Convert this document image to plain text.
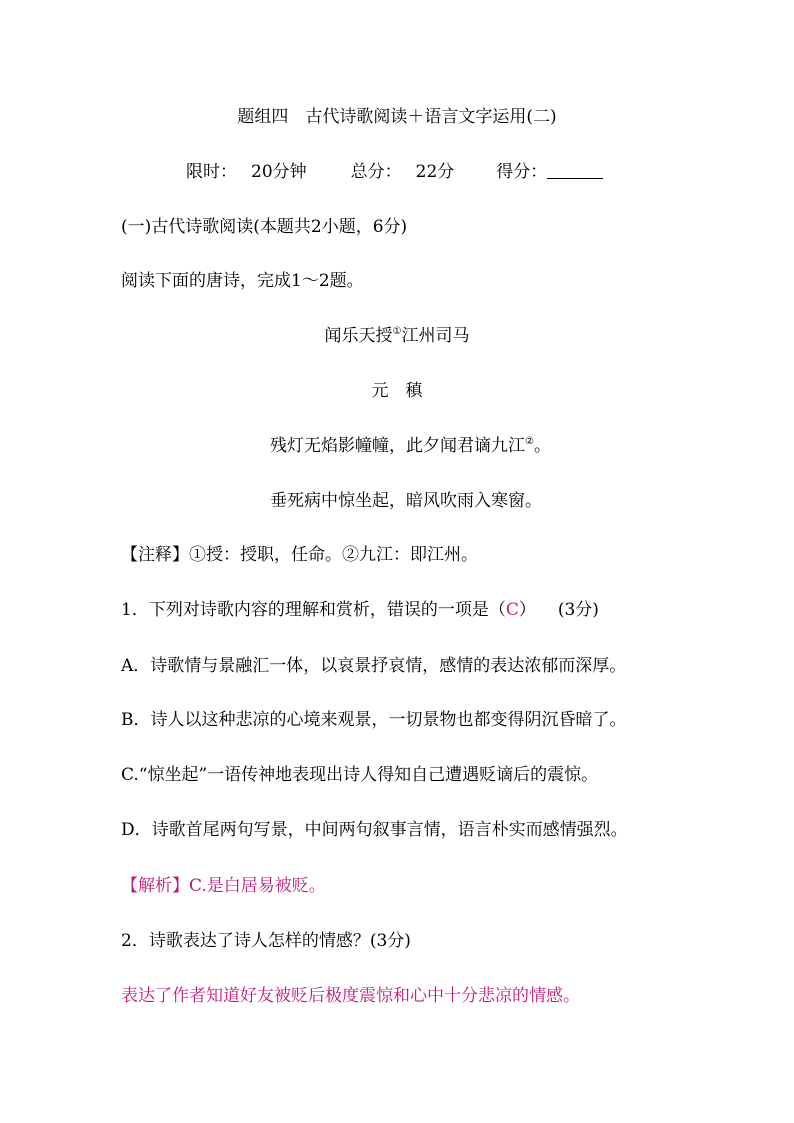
题组四　古代诗歌阅读＋语言文字运用(二)
限时： 20分钟	总分： 22分 得分：
(一)古代诗歌阅读(本题共2小题，6分)
阅读下面的唐诗，完成1～2题。
闻乐天授①江州司马
元　稹
残灯无焰影幢幢，此夕闻君谪九江②。
垂死病中惊坐起，暗风吹雨入寒窗。
【注释】①授：授职，任命。②九江：即江州。
1．下列对诗歌内容的理解和赏析，错误的一项是（C） (3分)
A．诗歌情与景融汇一体，以哀景抒哀情，感情的表达浓郁而深厚。
B．诗人以这种悲凉的心境来观景，一切景物也都变得阴沉昏暗了。
C.“惊坐起”一语传神地表现出诗人得知自己遭遇贬谪后的震惊。
D．诗歌首尾两句写景，中间两句叙事言情，语言朴实而感情强烈。
【解析】C.是白居易被贬。
2．诗歌表达了诗人怎样的情感？(3分)
表达了作者知道好友被贬后极度震惊和心中十分悲凉的情感。
